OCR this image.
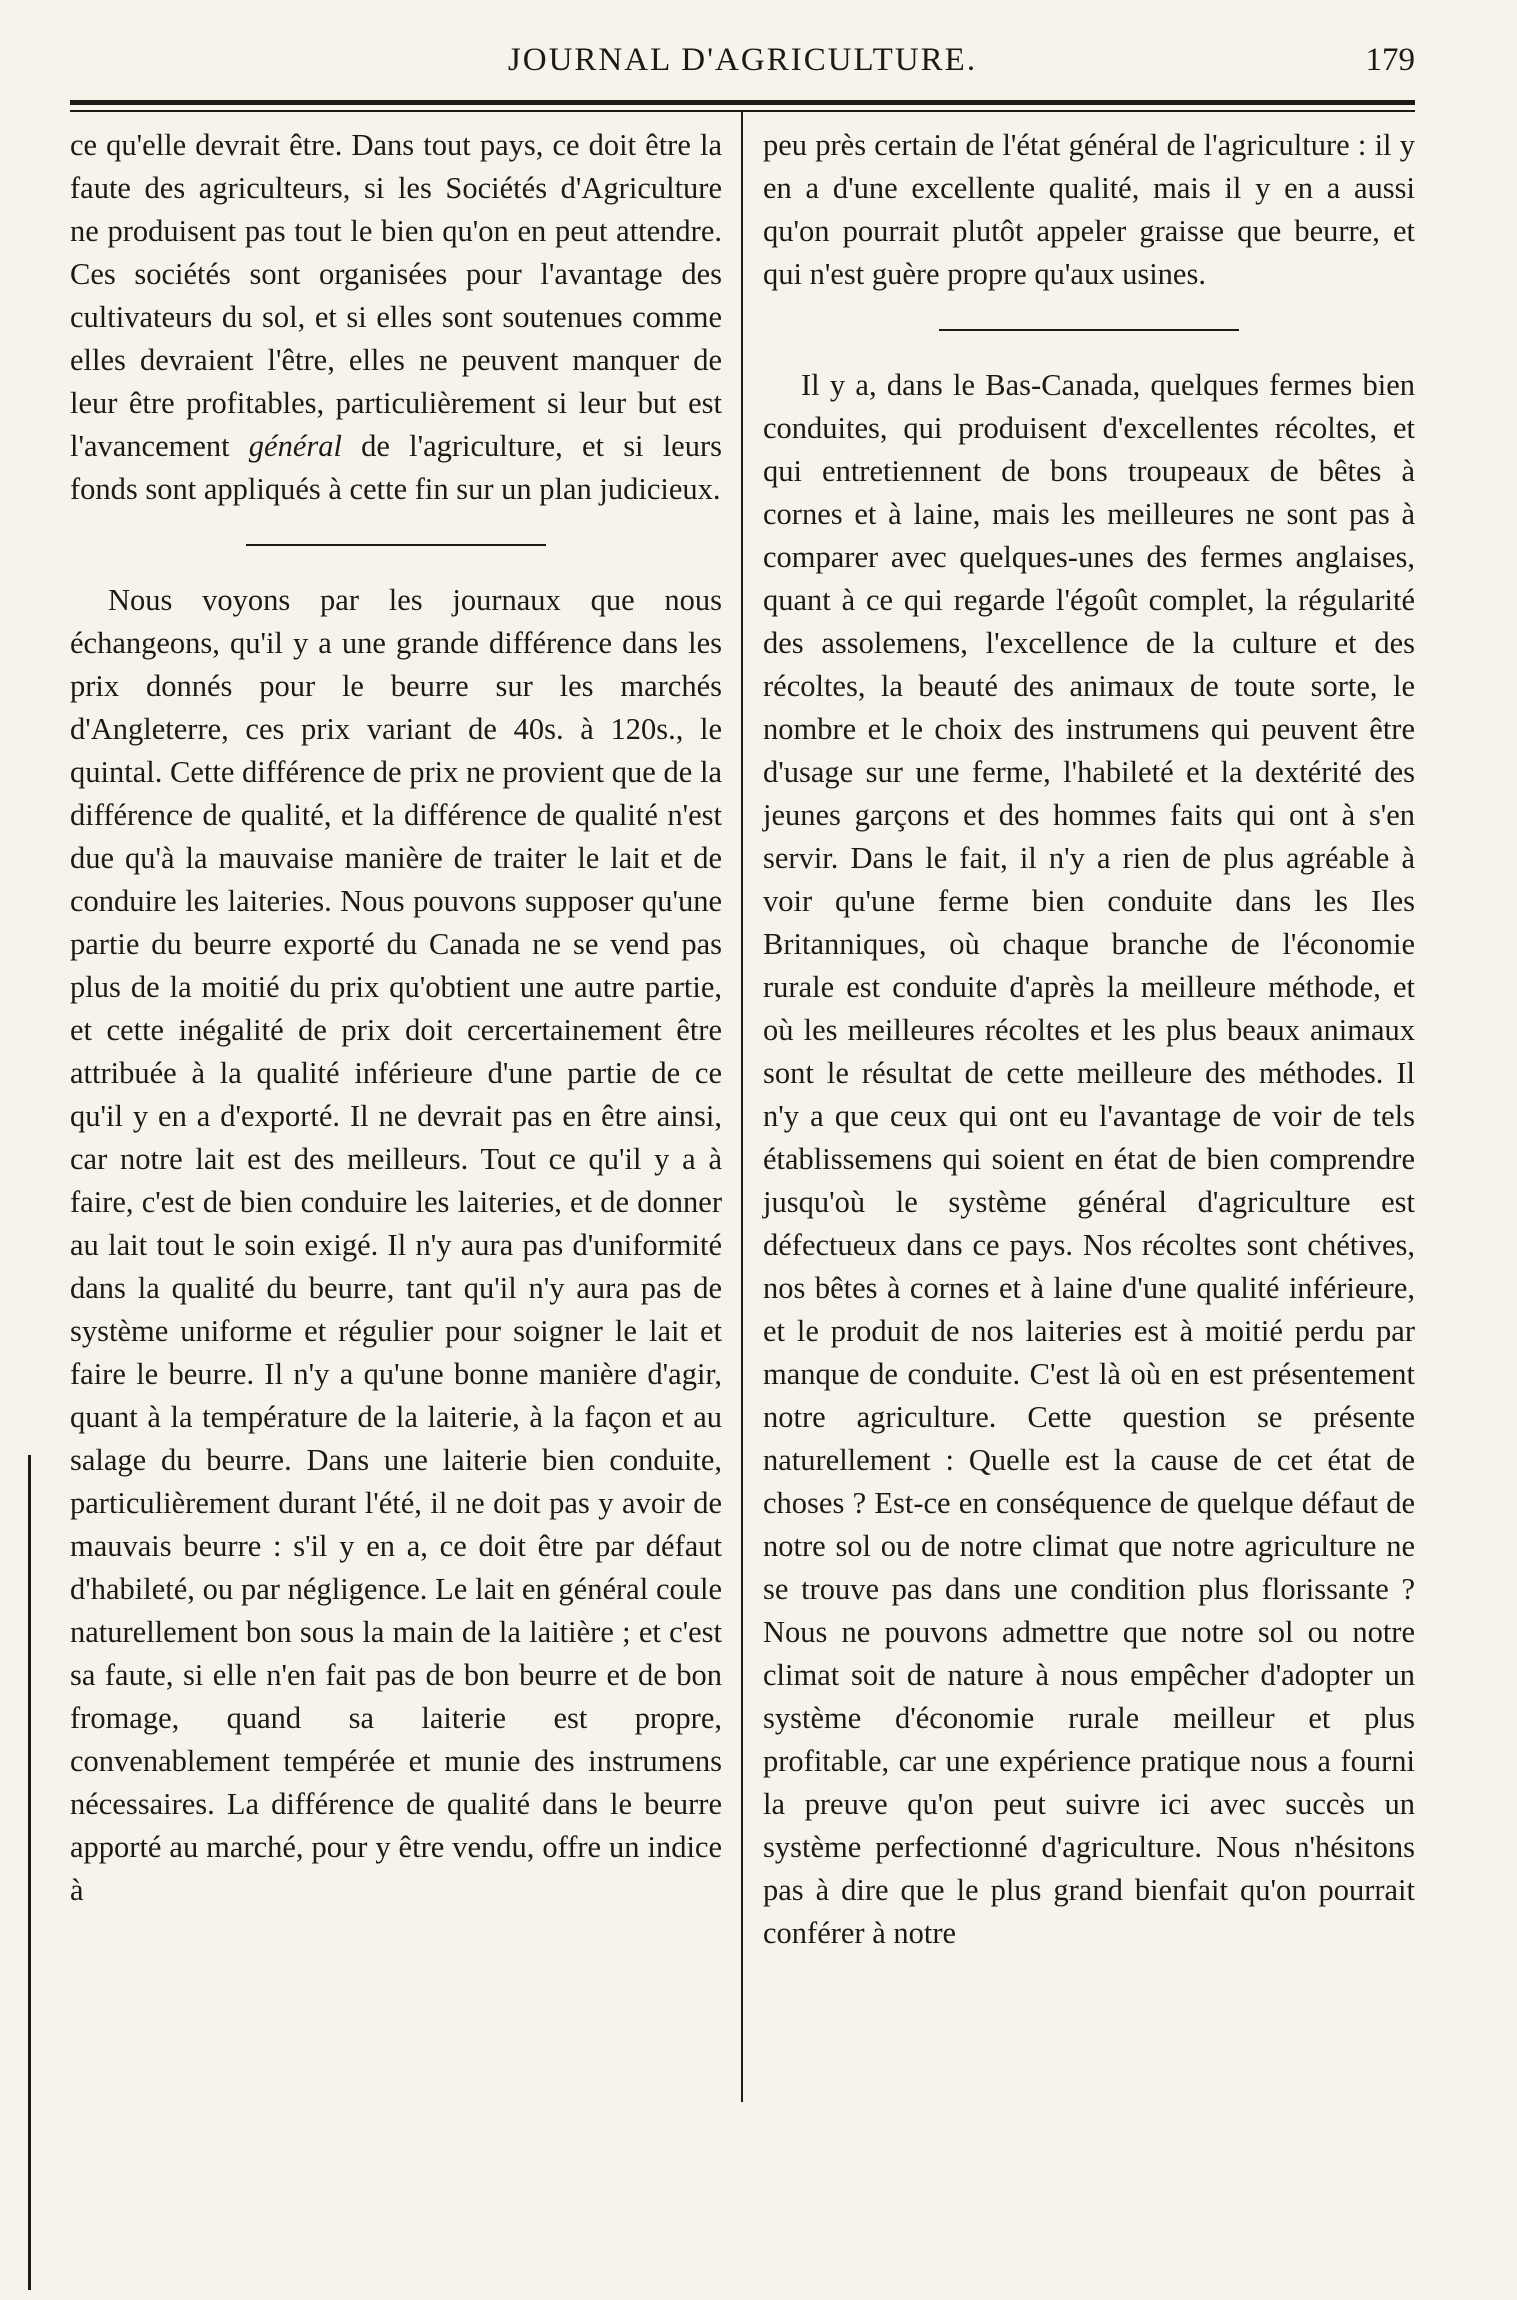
JOURNAL D'AGRICULTURE.	179

ce qu'elle devrait être. Dans tout pays, ce doit être la faute des agriculteurs, si les Sociétés d'Agriculture ne produisent pas tout le bien qu'on en peut attendre. Ces sociétés sont organisées pour l'avantage des cultivateurs du sol, et si elles sont soutenues comme elles devraient l'être, elles ne peuvent manquer de leur être profitables, particulièrement si leur but est l'avancement général de l'agriculture, et si leurs fonds sont appliqués à cette fin sur un plan judicieux.

Nous voyons par les journaux que nous échangeons, qu'il y a une grande différence dans les prix donnés pour le beurre sur les marchés d'Angleterre, ces prix variant de 40s. à 120s., le quintal. Cette différence de prix ne provient que de la différence de qualité, et la différence de qualité n'est due qu'à la mauvaise manière de traiter le lait et de conduire les laiteries. Nous pouvons supposer qu'une partie du beurre exporté du Canada ne se vend pas plus de la moitié du prix qu'obtient une autre partie, et cette inégalité de prix doit cercertainement être attribuée à la qualité inférieure d'une partie de ce qu'il y en a d'exporté. Il ne devrait pas en être ainsi, car notre lait est des meilleurs. Tout ce qu'il y a à faire, c'est de bien conduire les laiteries, et de donner au lait tout le soin exigé. Il n'y aura pas d'uniformité dans la qualité du beurre, tant qu'il n'y aura pas de système uniforme et régulier pour soigner le lait et faire le beurre. Il n'y a qu'une bonne manière d'agir, quant à la température de la laiterie, à la façon et au salage du beurre. Dans une laiterie bien conduite, particulièrement durant l'été, il ne doit pas y avoir de mauvais beurre : s'il y en a, ce doit être par défaut d'habileté, ou par négligence. Le lait en général coule naturellement bon sous la main de la laitière ; et c'est sa faute, si elle n'en fait pas de bon beurre et de bon fromage, quand sa laiterie est propre, convenablement tempérée et munie des instrumens nécessaires. La différence de qualité dans le beurre apporté au marché, pour y être vendu, offre un indice à

peu près certain de l'état général de l'agriculture : il y en a d'une excellente qualité, mais il y en a aussi qu'on pourrait plutôt appeler graisse que beurre, et qui n'est guère propre qu'aux usines.

Il y a, dans le Bas-Canada, quelques fermes bien conduites, qui produisent d'excellentes récoltes, et qui entretiennent de bons troupeaux de bêtes à cornes et à laine, mais les meilleures ne sont pas à comparer avec quelques-unes des fermes anglaises, quant à ce qui regarde l'égoût complet, la régularité des assolemens, l'excellence de la culture et des récoltes, la beauté des animaux de toute sorte, le nombre et le choix des instrumens qui peuvent être d'usage sur une ferme, l'habileté et la dextérité des jeunes garçons et des hommes faits qui ont à s'en servir. Dans le fait, il n'y a rien de plus agréable à voir qu'une ferme bien conduite dans les Iles Britanniques, où chaque branche de l'économie rurale est conduite d'après la meilleure méthode, et où les meilleures récoltes et les plus beaux animaux sont le résultat de cette meilleure des méthodes. Il n'y a que ceux qui ont eu l'avantage de voir de tels établissemens qui soient en état de bien comprendre jusqu'où le système général d'agriculture est défectueux dans ce pays. Nos récoltes sont chétives, nos bêtes à cornes et à laine d'une qualité inférieure, et le produit de nos laiteries est à moitié perdu par manque de conduite. C'est là où en est présentement notre agriculture. Cette question se présente naturellement : Quelle est la cause de cet état de choses ? Est-ce en conséquence de quelque défaut de notre sol ou de notre climat que notre agriculture ne se trouve pas dans une condition plus florissante ? Nous ne pouvons admettre que notre sol ou notre climat soit de nature à nous empêcher d'adopter un système d'économie rurale meilleur et plus profitable, car une expérience pratique nous a fourni la preuve qu'on peut suivre ici avec succès un système perfectionné d'agriculture. Nous n'hésitons pas à dire que le plus grand bienfait qu'on pourrait conférer à notre
